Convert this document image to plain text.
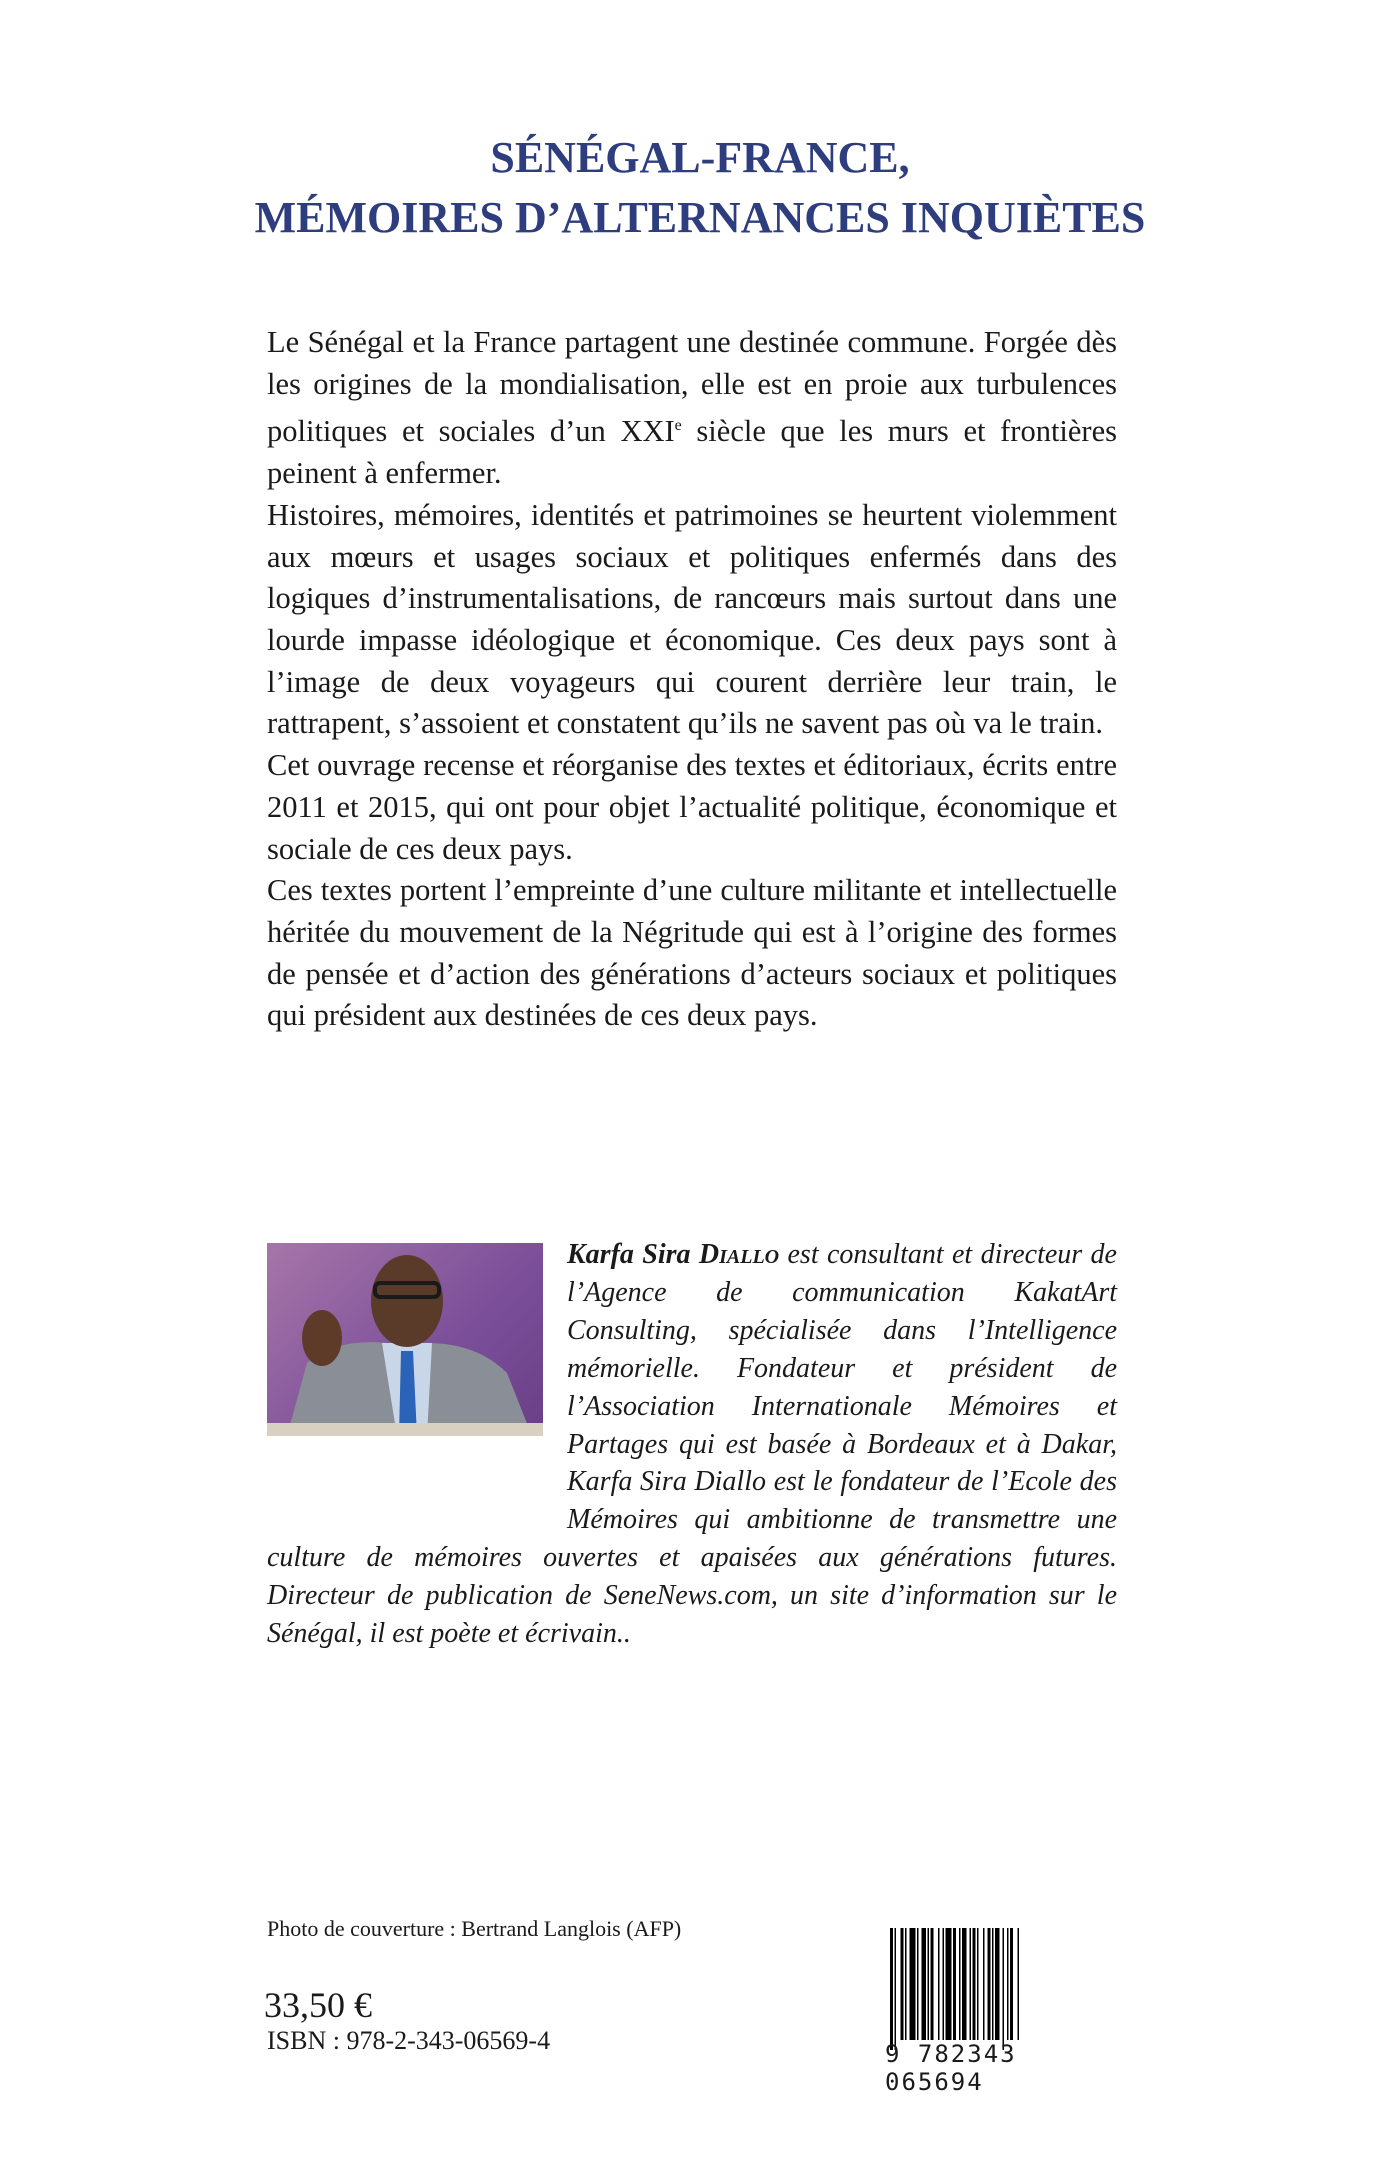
SÉNÉGAL-FRANCE,
MÉMOIRES D’ALTERNANCES INQUIÈTES

Le Sénégal et la France partagent une destinée commune. Forgée dès les origines de la mondialisation, elle est en proie aux turbulences politiques et sociales d’un XXIe siècle que les murs et frontières peinent à enfermer.

Histoires, mémoires, identités et patrimoines se heurtent violemment aux mœurs et usages sociaux et politiques enfermés dans des logiques d’instrumentalisations, de rancœurs mais surtout dans une lourde impasse idéologique et économique. Ces deux pays sont à l’image de deux voyageurs qui courent derrière leur train, le rattrapent, s’assoient et constatent qu’ils ne savent pas où va le train.

Cet ouvrage recense et réorganise des textes et éditoriaux, écrits entre 2011 et 2015, qui ont pour objet l’actualité politique, économique et sociale de ces deux pays.

Ces textes portent l’empreinte d’une culture militante et intellectuelle héritée du mouvement de la Négritude qui est à l’origine des formes de pensée et d’action des générations d’acteurs sociaux et politiques qui président aux destinées de ces deux pays.

Karfa Sira Diallo est consultant et directeur de l’Agence de communication KakatArt Consulting, spécialisée dans l’Intelligence mémorielle. Fondateur et président de l’Association Internationale Mémoires et Partages qui est basée à Bordeaux et à Dakar, Karfa Sira Diallo est le fondateur de l’Ecole des Mémoires qui ambitionne de transmettre une culture de mémoires ouvertes et apaisées aux générations futures. Directeur de publication de SeneNews.com, un site d’information sur le Sénégal, il est poète et écrivain..
Photo de couverture : Bertrand Langlois (AFP)
33,50 €
ISBN : 978-2-343-06569-4	9 782343 065694
